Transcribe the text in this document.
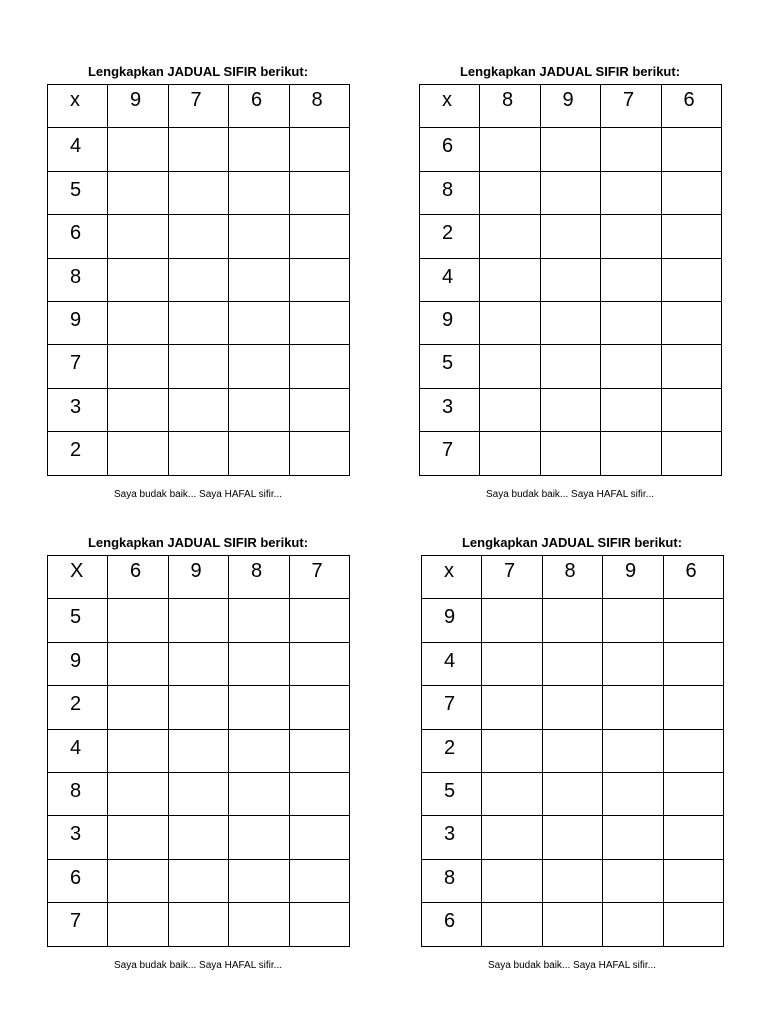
Lengkapkan JADUAL SIFIR berikut:
x	9	7	6	8
4				
5				
6				
8				
9				
7				
3				
2				
Saya budak baik... Saya HAFAL sifir...
Lengkapkan JADUAL SIFIR berikut:
x	8	9	7	6
6				
8				
2				
4				
9				
5				
3				
7				
Saya budak baik... Saya HAFAL sifir...
Lengkapkan JADUAL SIFIR berikut:
X	6	9	8	7
5				
9				
2				
4				
8				
3				
6				
7				
Saya budak baik... Saya HAFAL sifir...
Lengkapkan JADUAL SIFIR berikut:
x	7	8	9	6
9				
4				
7				
2				
5				
3				
8				
6				
Saya budak baik... Saya HAFAL sifir...
